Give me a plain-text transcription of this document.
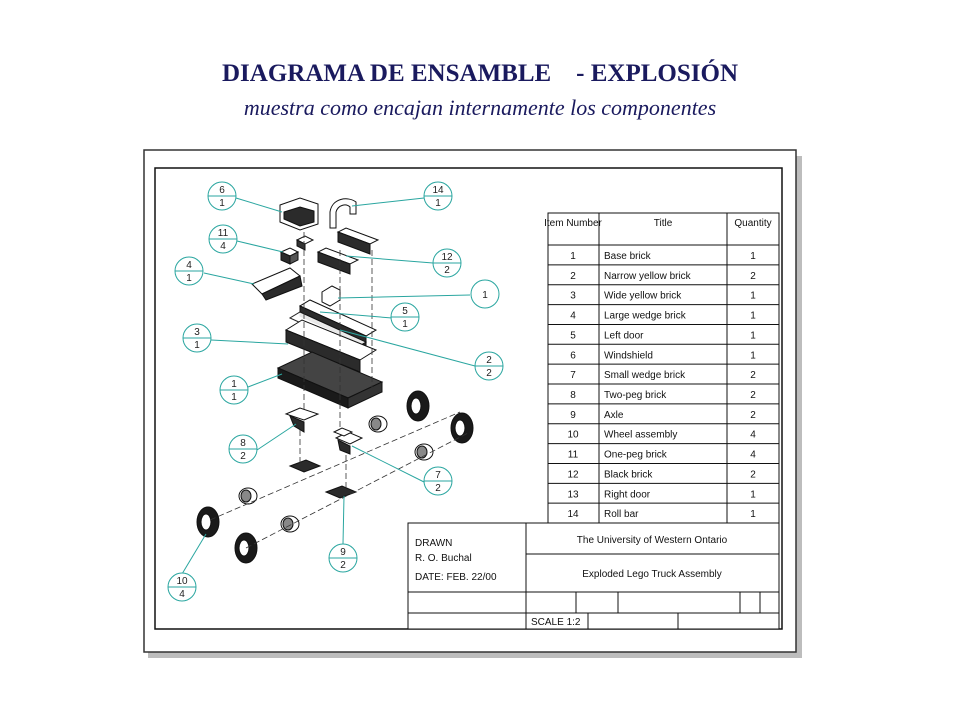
DIAGRAMA DE ENSAMBLE    - EXPLOSIÓN
muestra como encajan internamente los componentes
6
1
14
1
11
4
12
2
4
1
1
5
1
3
1
2
2
1
1
8
2
7
2
9
2
10
4
Item Number	Title	Quantity
1	Base brick	1
2	Narrow yellow brick	2
3	Wide yellow brick	1
4	Large wedge brick	1
5	Left door	1
6	Windshield	1
7	Small wedge brick	2
8	Two-peg brick	2
9	Axle	2
10	Wheel assembly	4
11	One-peg brick	4
12	Black brick	2
13	Right door	1
14	Roll bar	1
DRAWN
R. O. Buchal
DATE: FEB. 22/00
The University of Western Ontario
Exploded Lego Truck Assembly
SCALE 1:2
